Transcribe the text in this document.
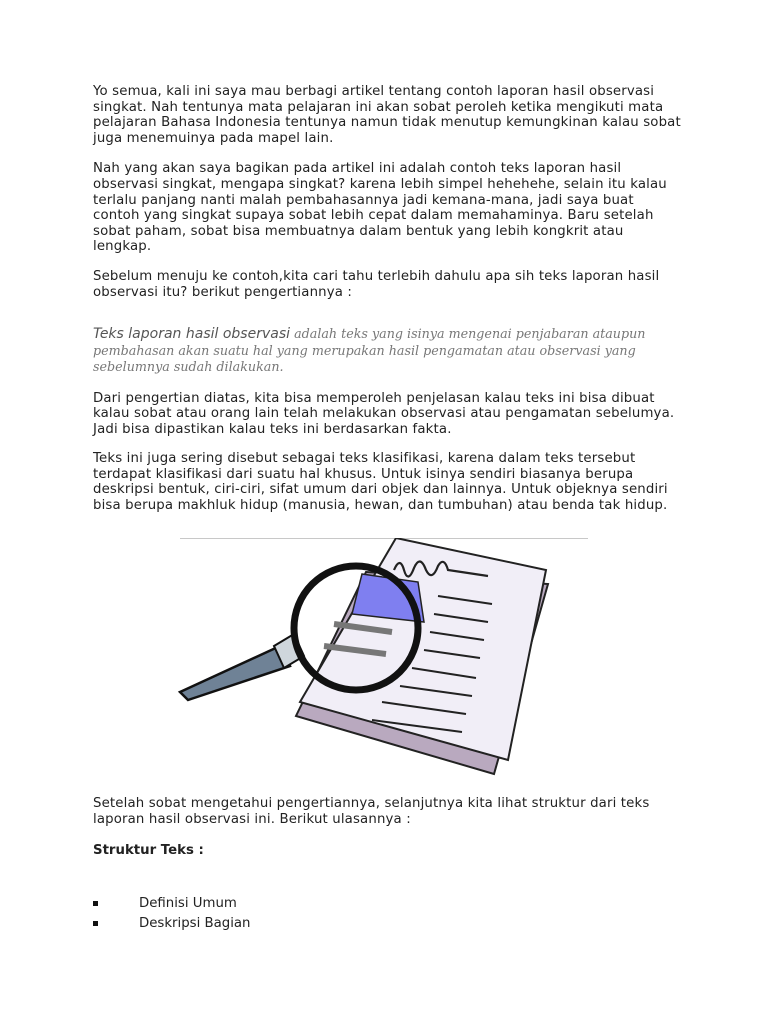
Yo semua, kali ini saya mau berbagi artikel tentang contoh laporan hasil observasi singkat. Nah tentunya mata pelajaran ini akan sobat peroleh ketika mengikuti mata pelajaran Bahasa Indonesia tentunya namun tidak menutup kemungkinan kalau sobat juga menemuinya pada mapel lain.

Nah yang akan saya bagikan pada artikel ini adalah contoh teks laporan hasil observasi singkat, mengapa singkat? karena lebih simpel hehehehe, selain itu kalau terlalu panjang nanti malah pembahasannya jadi kemana-mana, jadi saya buat contoh yang singkat supaya sobat lebih cepat dalam memahaminya. Baru setelah sobat paham, sobat bisa membuatnya dalam bentuk yang lebih kongkrit atau lengkap.

Sebelum menuju ke contoh,kita cari tahu terlebih dahulu apa sih teks laporan hasil observasi itu? berikut pengertiannya :

Teks laporan hasil observasi adalah teks yang isinya mengenai penjabaran ataupun pembahasan akan suatu hal yang merupakan hasil pengamatan atau observasi yang sebelumnya sudah dilakukan.

Dari pengertian diatas, kita bisa memperoleh penjelasan kalau teks ini bisa dibuat kalau sobat atau orang lain telah melakukan observasi atau pengamatan sebelumya. Jadi bisa dipastikan kalau teks ini berdasarkan fakta.

Teks ini juga sering disebut sebagai teks klasifikasi, karena dalam teks tersebut terdapat klasifikasi dari suatu hal khusus. Untuk isinya sendiri biasanya berupa deskripsi bentuk, ciri-ciri, sifat umum dari objek dan lainnya. Untuk objeknya sendiri bisa berupa makhluk hidup (manusia, hewan, dan tumbuhan) atau benda tak hidup.

Setelah sobat mengetahui pengertiannya, selanjutnya kita lihat struktur dari teks laporan hasil observasi ini. Berikut ulasannya :

Struktur Teks :

Definisi Umum
Deskripsi Bagian
